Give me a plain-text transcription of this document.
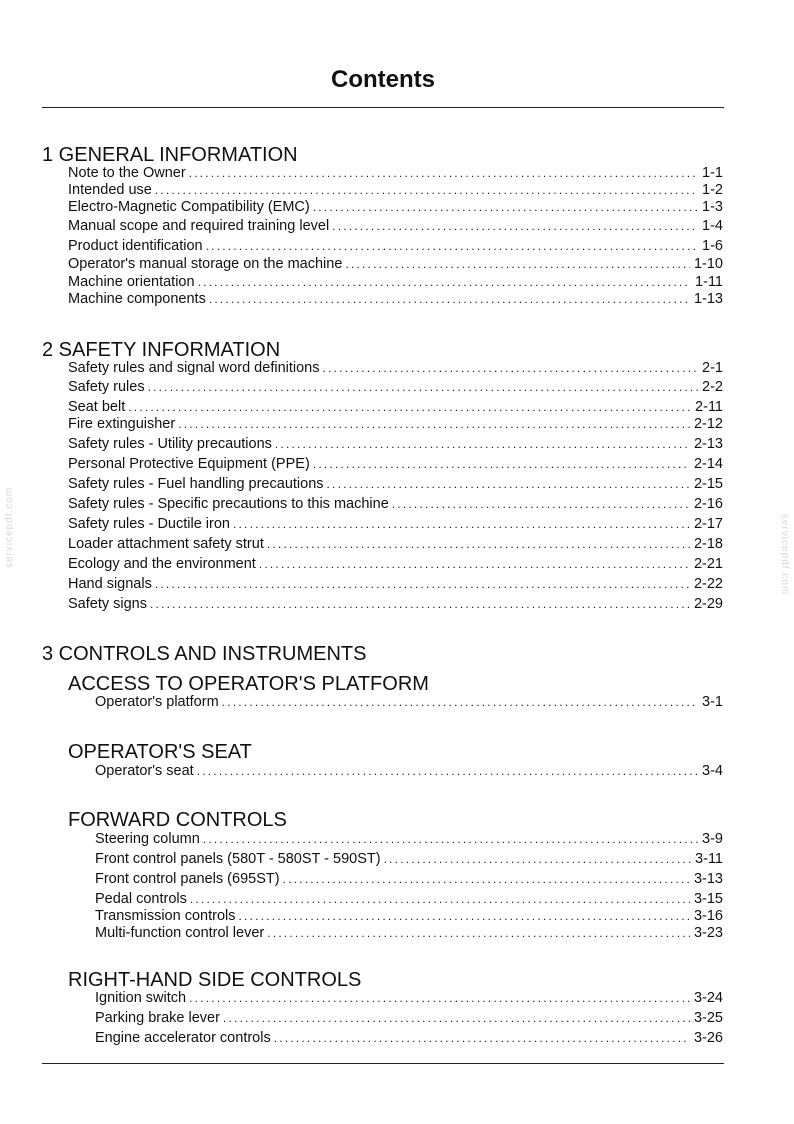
Contents
1 GENERAL INFORMATION
Note to the Owner .....	1-1
Intended use .....	1-2
Electro-Magnetic Compatibility (EMC) .....	1-3
Manual scope and required training level .....	1-4
Product identification .....	1-6
Operator's manual storage on the machine .....	1-10
Machine orientation .....	1-11
Machine components .....	1-13
2 SAFETY INFORMATION
Safety rules and signal word definitions .....	2-1
Safety rules .....	2-2
Seat belt .....	2-11
Fire extinguisher .....	2-12
Safety rules - Utility precautions .....	2-13
Personal Protective Equipment (PPE) .....	2-14
Safety rules - Fuel handling precautions .....	2-15
Safety rules - Specific precautions to this machine .....	2-16
Safety rules - Ductile iron .....	2-17
Loader attachment safety strut .....	2-18
Ecology and the environment .....	2-21
Hand signals .....	2-22
Safety signs .....	2-29
3 CONTROLS AND INSTRUMENTS
ACCESS TO OPERATOR'S PLATFORM
Operator's platform .....	3-1
OPERATOR'S SEAT
Operator's seat .....	3-4
FORWARD CONTROLS
Steering column .....	3-9
Front control panels (580T - 580ST - 590ST) .....	3-11
Front control panels (695ST) .....	3-13
Pedal controls .....	3-15
Transmission controls .....	3-16
Multi-function control lever .....	3-23
RIGHT-HAND SIDE CONTROLS
Ignition switch .....	3-24
Parking brake lever .....	3-25
Engine accelerator controls .....	3-26
servicepdf.com	servicepdf.com
